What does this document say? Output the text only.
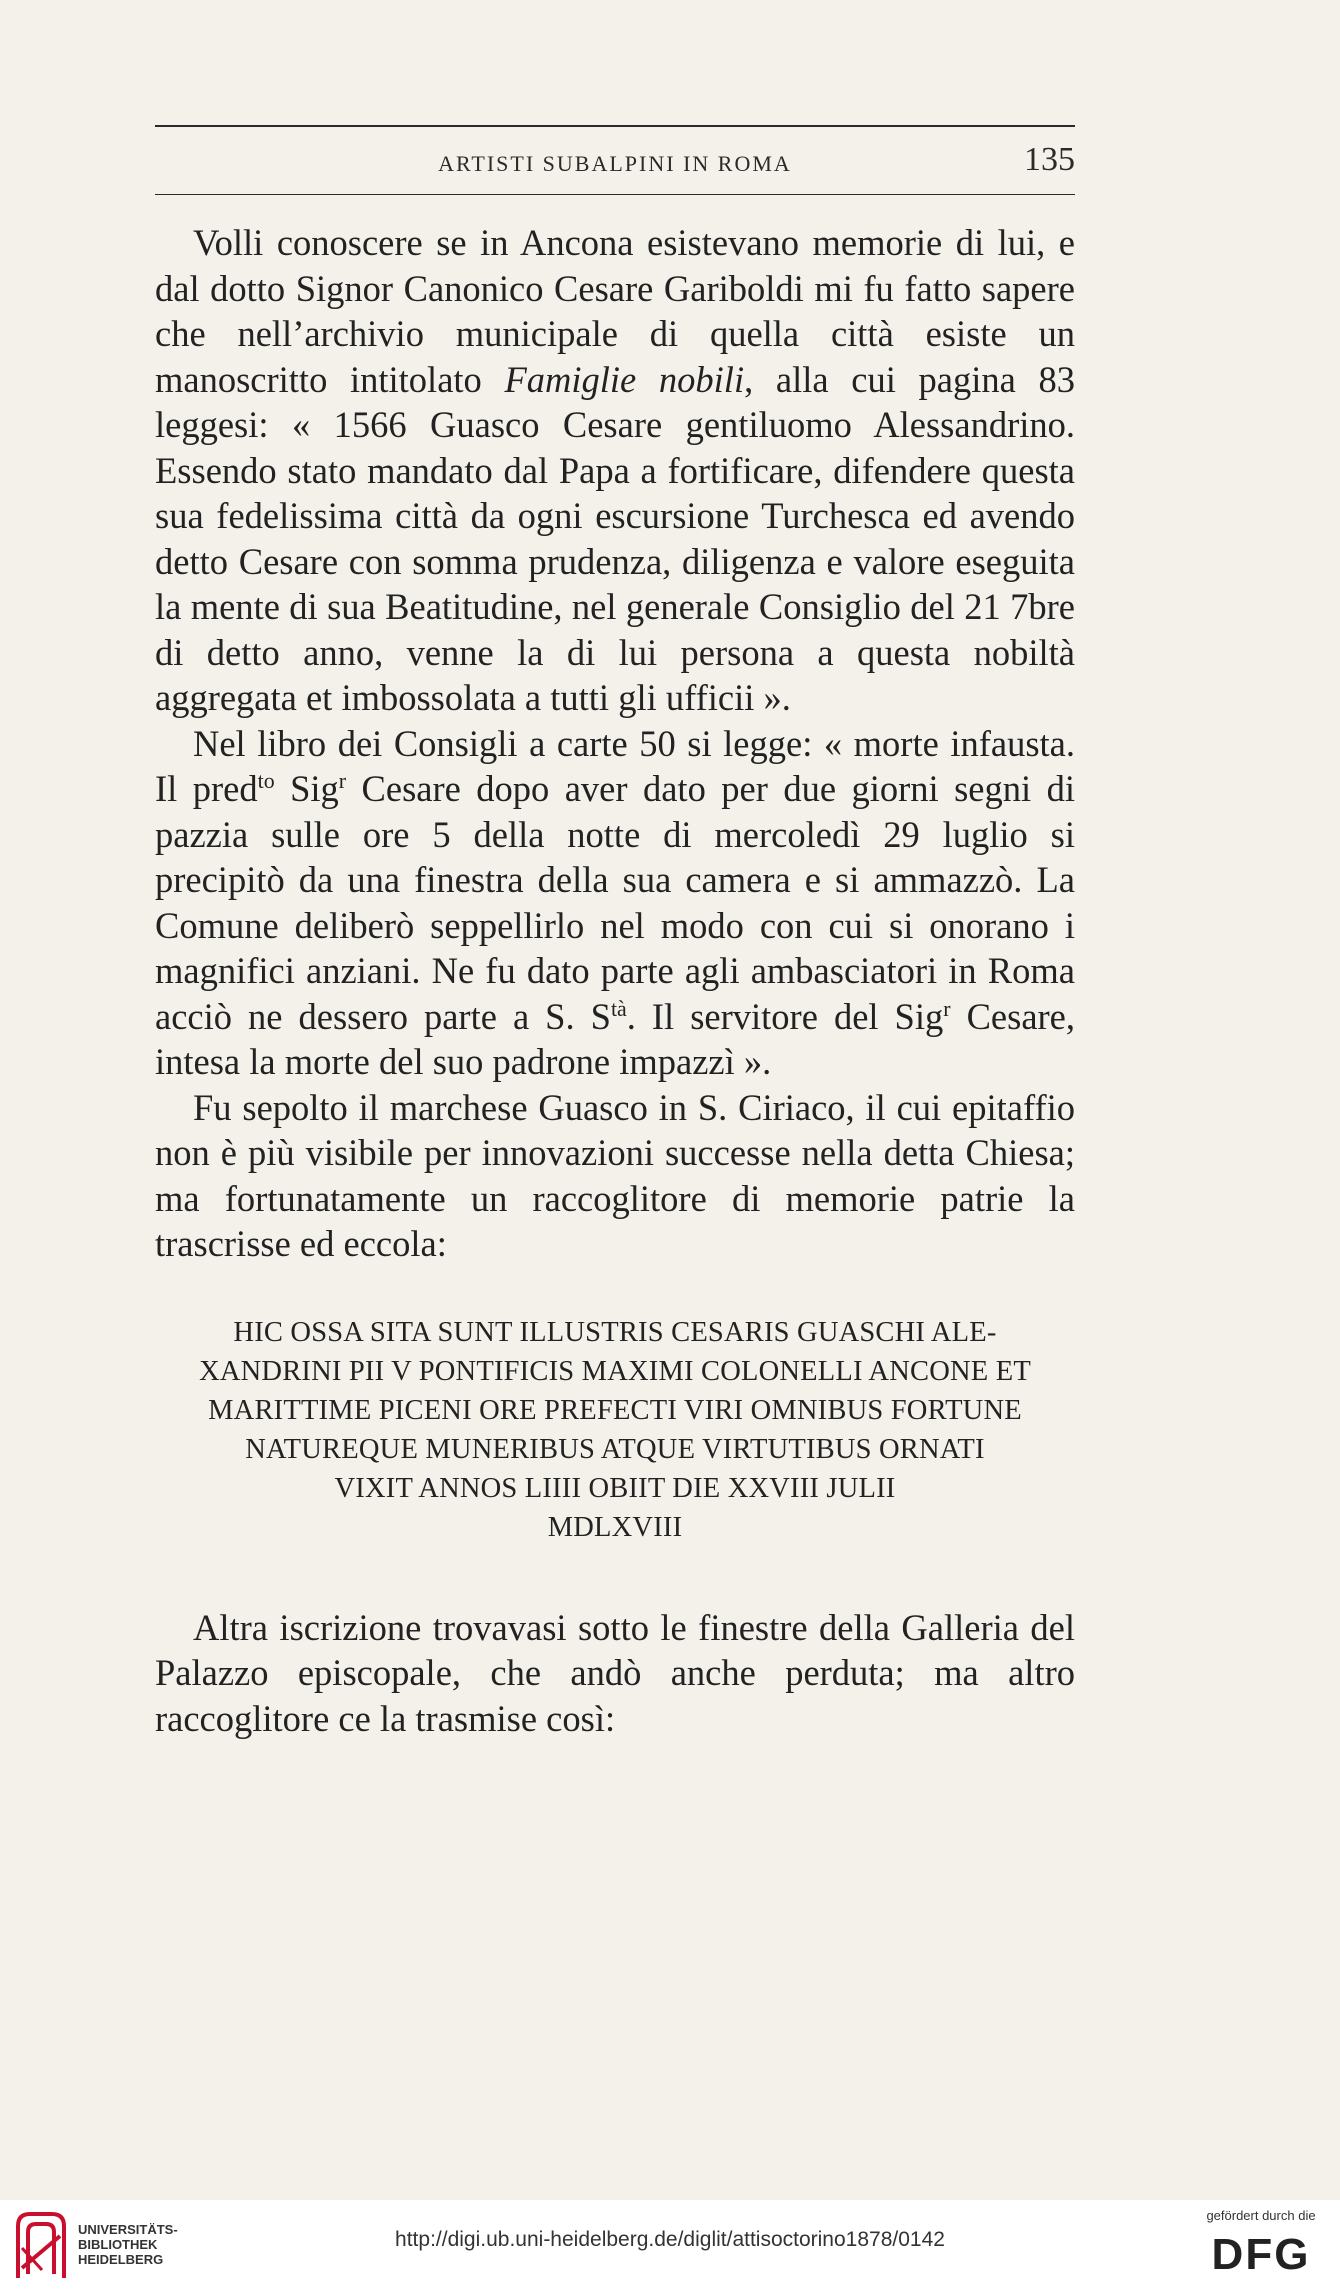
ARTISTI SUBALPINI IN ROMA	135

Volli conoscere se in Ancona esistevano memorie di lui, e dal dotto Signor Canonico Cesare Gariboldi mi fu fatto sapere che nell’archivio municipale di quella città esiste un manoscritto intitolato Famiglie nobili, alla cui pagina 83 leggesi: « 1566 Guasco Cesare gentiluomo Alessandrino. Essendo stato mandato dal Papa a fortificare, difendere questa sua fedelissima città da ogni escursione Turchesca ed avendo detto Cesare con somma prudenza, diligenza e valore eseguita la mente di sua Beatitudine, nel generale Consiglio del 21 7bre di detto anno, venne la di lui persona a questa nobiltà aggregata et imbossolata a tutti gli ufficii ».

Nel libro dei Consigli a carte 50 si legge: « morte infausta. Il pred$^{to}$ Sig$^r$ Cesare dopo aver dato per due giorni segni di pazzia sulle ore 5 della notte di mercoledì 29 luglio si precipitò da una finestra della sua camera e si ammazzò. La Comune deliberò seppellirlo nel modo con cui si onorano i magnifici anziani. Ne fu dato parte agli ambasciatori in Roma acciò ne dessero parte a S. $S^{tà}$. Il servitore del Sig$^r$ Cesare, intesa la morte del suo padrone impazzì ».

Fu sepolto il marchese Guasco in S. Ciriaco, il cui epitaffio non è più visibile per innovazioni successe nella detta Chiesa; ma fortunatamente un raccoglitore di memorie patrie la trascrisse ed eccola:

HIC OSSA SITA SUNT ILLUSTRIS CESARIS GUASCHI ALE-
XANDRINI PII V PONTIFICIS MAXIMI COLONELLI ANCONE ET
MARITTIME PICENI ORE PREFECTI VIRI OMNIBUS FORTUNE
NATUREQUE MUNERIBUS ATQUE VIRTUTIBUS ORNATI
VIXIT ANNOS LIIII OBIIT DIE XXVIII JULII
MDLXVIII

Altra iscrizione trovavasi sotto le finestre della Galleria del Palazzo episcopale, che andò anche perduta; ma altro raccoglitore ce la trasmise così:

UNIVERSITÄTS-
BIBLIOTHEK
HEIDELBERG
http://digi.ub.uni-heidelberg.de/diglit/attisoctorino1878/0142
gefördert durch die
DFG
